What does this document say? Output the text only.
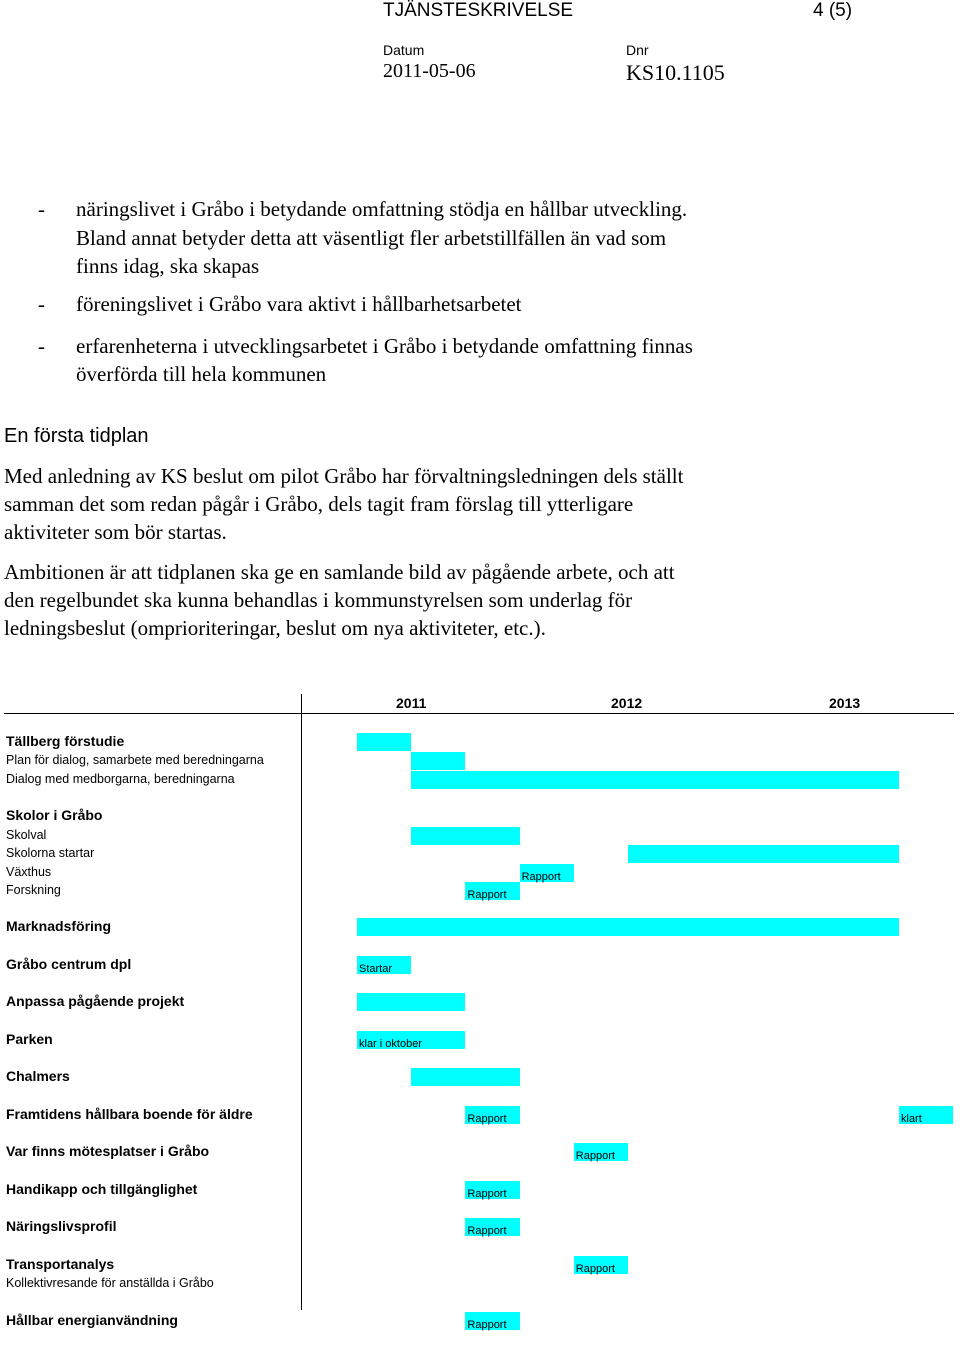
TJÄNSTESKRIVELSE	4 (5)
Datum
2011-05-06
Dnr
KS10.1105
- näringslivet i Gråbo i betydande omfattning stödja en hållbar utveckling.
Bland annat betyder detta att väsentligt fler arbetstillfällen än vad som
finns idag, ska skapas
- föreningslivet i Gråbo vara aktivt i hållbarhetsarbetet
- erfarenheterna i utvecklingsarbetet i Gråbo i betydande omfattning finnas
överförda till hela kommunen
En första tidplan
Med anledning av KS beslut om pilot Gråbo har förvaltningsledningen dels ställt
samman det som redan pågår i Gråbo, dels tagit fram förslag till ytterligare
aktiviteter som bör startas.
Ambitionen är att tidplanen ska ge en samlande bild av pågående arbete, och att
den regelbundet ska kunna behandlas i kommunstyrelsen som underlag för
ledningsbeslut (omprioriteringar, beslut om nya aktiviteter, etc.).
2011	2012	2013
Tällberg förstudie
Plan för dialog, samarbete med beredningarna
Dialog med medborgarna, beredningarna
Skolor i Gråbo
Skolval
Skolorna startar
Växthus	Rapport
Forskning	Rapport
Marknadsföring
Gråbo centrum dpl	Startar
Anpassa pågående projekt
Parken	klar i oktober
Chalmers
Framtidens hållbara boende för äldre	Rapport	klart
Var finns mötesplatser i Gråbo	Rapport
Handikapp och tillgänglighet	Rapport
Näringslivsprofil	Rapport
Transportanalys	Rapport
Kollektivresande för anställda i Gråbo
Hållbar energianvändning	Rapport
